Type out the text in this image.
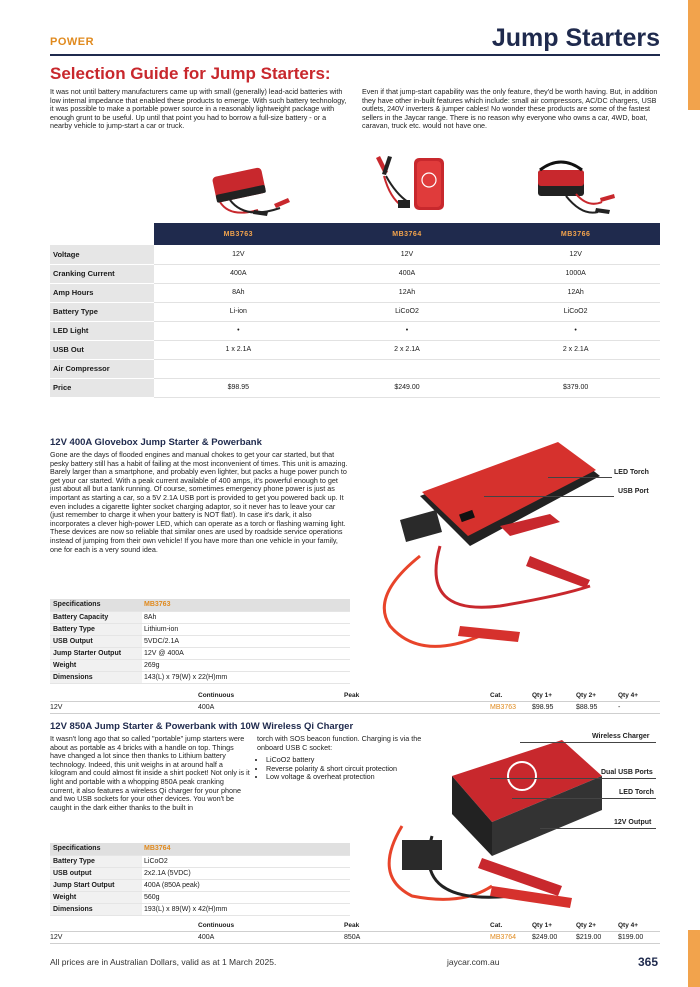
POWER	Jump Starters
Selection Guide for Jump Starters:
It was not until battery manufacturers came up with small (generally) lead-acid batteries with low internal impedance that enabled these products to emerge. With such battery technology, it was possible to make a portable power source in a reasonably lightweight package with enough grunt to be useful. Up until that point you had to borrow a full-size battery - or a nearby vehicle to jump-start a car or truck.
Even if that jump-start capability was the only feature, they'd be worth having. But, in addition they have other in-built features which include: small air compressors, AC/DC chargers, USB outlets, 240V inverters & jumper cables! No wonder these products are some of the fastest sellers in the Jaycar range. There is no reason why everyone who owns a car, 4WD, boat, caravan, truck etc. would not have one.
	MB3763	MB3764	MB3766
Voltage	12V	12V	12V
Cranking Current	400A	400A	1000A
Amp Hours	8Ah	12Ah	12Ah
Battery Type	Li-ion	LiCoO2	LiCoO2
LED Light	•	•	•
USB Out	1 x 2.1A	2 x 2.1A	2 x 2.1A
Air Compressor			
Price	$98.95	$249.00	$379.00
12V 400A Glovebox Jump Starter & Powerbank
Gone are the days of flooded engines and manual chokes to get your car started, but that pesky battery still has a habit of failing at the most inconvenient of times. This unit is amazing. Barely larger than a smartphone, and probably even lighter, but packs a huge power punch to get your car started. With a peak current available of 400 amps, it's powerful enough to get just about all but a tank running. Of course, sometimes emergency phone power is just as important as starting a car, so a 5V 2.1A USB port is provided to get you powered back up. It even includes a cigarette lighter socket charging adaptor, so it never has to leave your car (just remember to charge it when your battery is NOT flat!). In case it's dark, it also incorporates a clever high-power LED, which can operate as a torch or flashing warning light. These devices are now so reliable that similar ones are used by roadside service operations instead of jumping from their own vehicle! If you have more than one vehicle in your family, one for each is a very sound idea.
LED Torch
USB Port
Specifications	MB3763
Battery Capacity	8Ah
Battery Type	Lithium-ion
USB Output	5VDC/2.1A
Jump Starter Output	12V @ 400A
Weight	269g
Dimensions	143(L) x 79(W) x 22(H)mm
	Continuous	Peak	Cat.	Qty 1+	Qty 2+	Qty 4+
12V	400A		MB3763	$98.95	$88.95	-
12V 850A Jump Starter & Powerbank with 10W Wireless Qi Charger
It wasn't long ago that so called "portable" jump starters were about as portable as 4 bricks with a handle on top. Things have changed a lot since then thanks to Lithium battery technology. Indeed, this unit weighs in at around half a kilogram and could almost fit inside a shirt pocket! Not only is it light and portable with a whopping 850A peak cranking current, it also features a wireless Qi charger for your phone and two USB sockets for your other devices. You won't be caught in the dark either thanks to the built in
torch with SOS beacon function. Charging is via the onboard USB C socket:
• LiCoO2 battery
• Reverse polarity & short circuit protection
• Low voltage & overheat protection
Wireless Charger
Dual USB Ports
LED Torch
12V Output
Specifications	MB3764
Battery Type	LiCoO2
USB output	2x2.1A (5VDC)
Jump Start Output	400A (850A peak)
Weight	560g
Dimensions	193(L) x 89(W) x 42(H)mm
	Continuous	Peak	Cat.	Qty 1+	Qty 2+	Qty 4+
12V	400A	850A	MB3764	$249.00	$219.00	$199.00
All prices are in Australian Dollars, valid as at 1 March 2025.	jaycar.com.au	365
